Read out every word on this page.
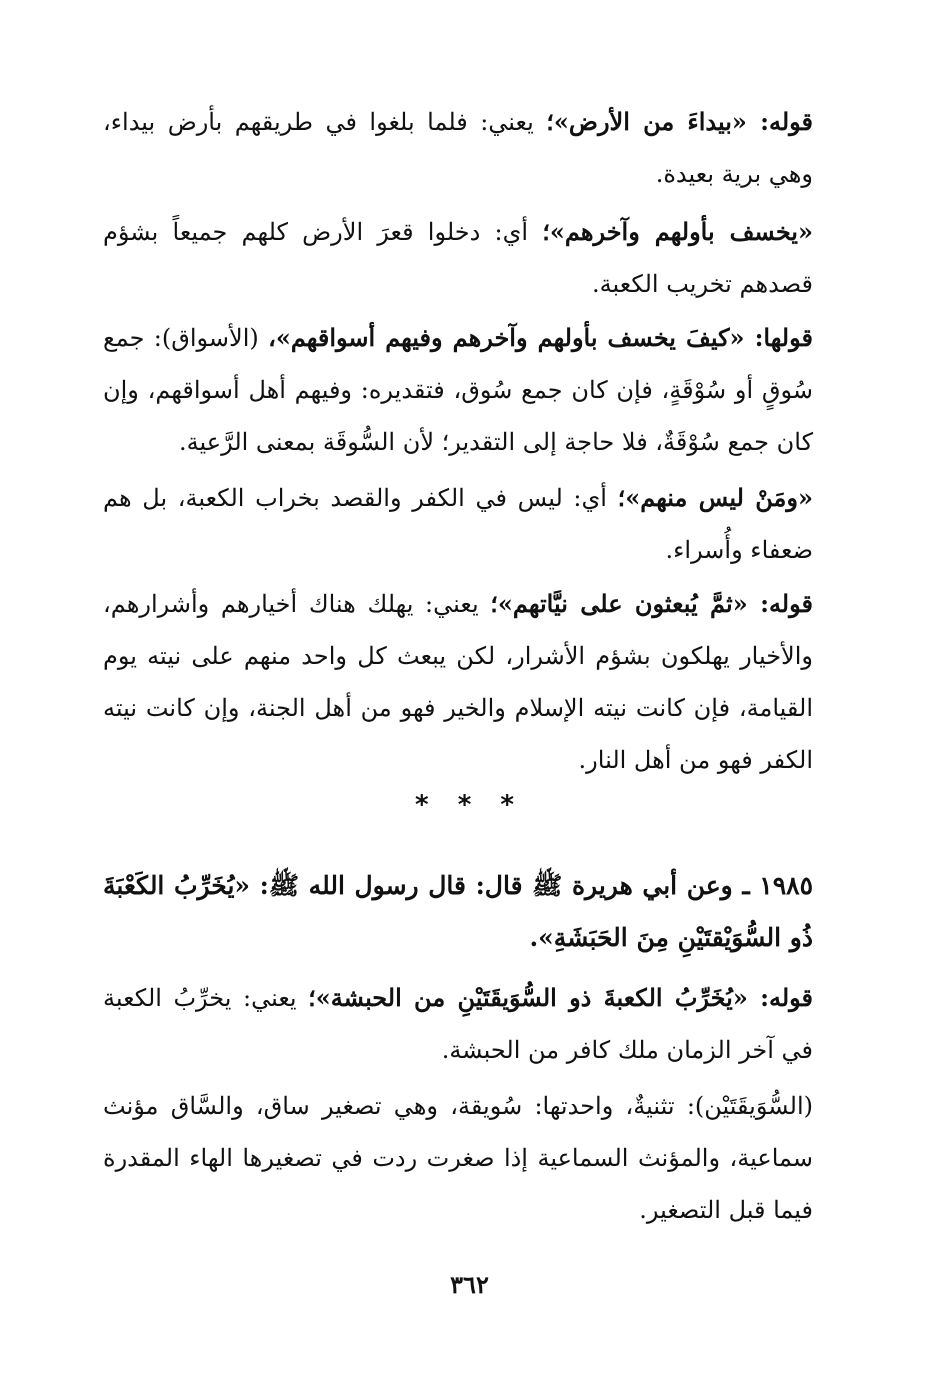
قوله: «بيداءَ من الأرض»؛ يعني: فلما بلغوا في طريقهم بأرض بيداء، وهي برية بعيدة.

«يخسف بأولهم وآخرهم»؛ أي: دخلوا قعرَ الأرض كلهم جميعاً بشؤم قصدهم تخريب الكعبة.

قولها: «كيفَ يخسف بأولهم وآخرهم وفيهم أسواقهم»، (الأسواق): جمع سُوقٍ أو سُوْقَةٍ، فإن كان جمع سُوق، فتقديره: وفيهم أهل أسواقهم، وإن كان جمع سُوْقَةٌ، فلا حاجة إلى التقدير؛ لأن السُّوقَة بمعنى الرَّعية.

«ومَنْ ليس منهم»؛ أي: ليس في الكفر والقصد بخراب الكعبة، بل هم ضعفاء وأُسراء.

قوله: «ثمَّ يُبعثون على نيَّاتهم»؛ يعني: يهلك هناك أخيارهم وأشرارهم، والأخيار يهلكون بشؤم الأشرار، لكن يبعث كل واحد منهم على نيته يوم القيامة، فإن كانت نيته الإسلام والخير فهو من أهل الجنة، وإن كانت نيته الكفر فهو من أهل النار.

* * *

١٩٨٥ ـ وعن أبي هريرة ﷺ قال: قال رسول الله ﷺ: «يُخَرِّبُ الكَعْبَةَ ذُو السُّوَيْقتَيْنِ مِنَ الحَبَشَةِ».

قوله: «يُخَرِّبُ الكعبةَ ذو السُّوَيقَتَيْنِ من الحبشة»؛ يعني: يخرِّبُ الكعبة في آخر الزمان ملك كافر من الحبشة.

(السُّوَيقَتَيْن): تثنيةٌ، واحدتها: سُويقة، وهي تصغير ساق، والسَّاق مؤنث سماعية، والمؤنث السماعية إذا صغرت ردت في تصغيرها الهاء المقدرة فيما قبل التصغير.

٣٦٢
